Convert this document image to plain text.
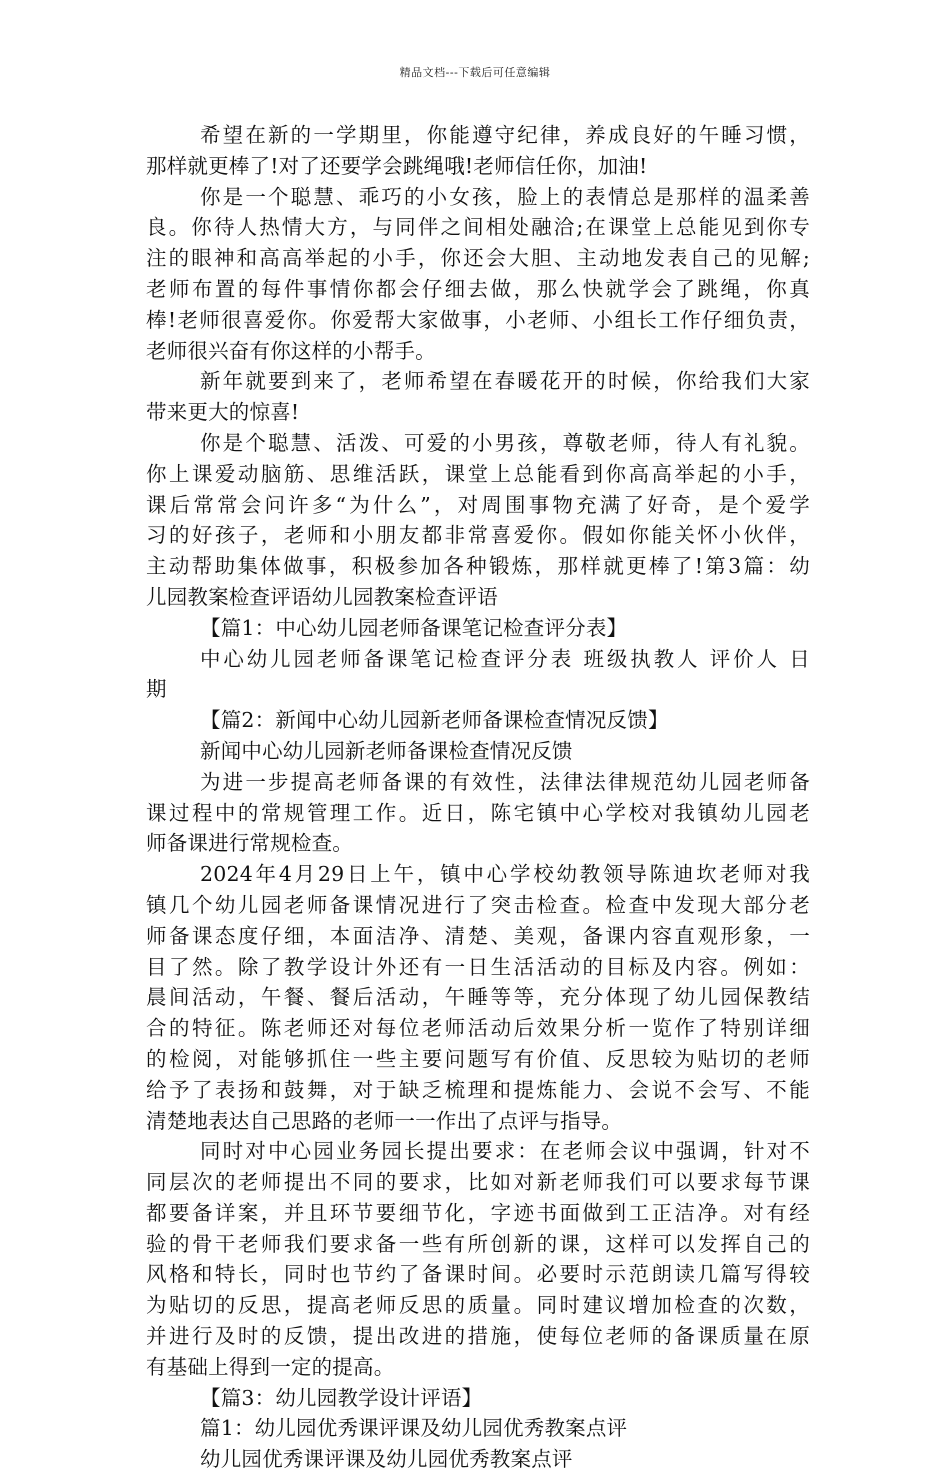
精品文档---下载后可任意编辑
希望在新的一学期里，你能遵守纪律，养成良好的午睡习惯，
那样就更棒了!对了还要学会跳绳哦!老师信任你，加油!
你是一个聪慧、乖巧的小女孩，脸上的表情总是那样的温柔善
良。你待人热情大方，与同伴之间相处融洽;在课堂上总能见到你专
注的眼神和高高举起的小手，你还会大胆、主动地发表自己的见解;
老师布置的每件事情你都会仔细去做，那么快就学会了跳绳，你真
棒!老师很喜爱你。你爱帮大家做事，小老师、小组长工作仔细负责，
老师很兴奋有你这样的小帮手。
新年就要到来了，老师希望在春暖花开的时候，你给我们大家
带来更大的惊喜!
你是个聪慧、活泼、可爱的小男孩，尊敬老师，待人有礼貌。
你上课爱动脑筋、思维活跃，课堂上总能看到你高高举起的小手，
课后常常会问许多“为什么”，对周围事物充满了好奇，是个爱学
习的好孩子，老师和小朋友都非常喜爱你。假如你能关怀小伙伴，
主动帮助集体做事，积极参加各种锻炼，那样就更棒了!第3篇：幼
儿园教案检查评语幼儿园教案检查评语
【篇1：中心幼儿园老师备课笔记检查评分表】
中心幼儿园老师备课笔记检查评分表 班级执教人 评价人 日
期
【篇2：新闻中心幼儿园新老师备课检查情况反馈】
新闻中心幼儿园新老师备课检查情况反馈
为进一步提高老师备课的有效性，法律法律规范幼儿园老师备
课过程中的常规管理工作。近日，陈宅镇中心学校对我镇幼儿园老
师备课进行常规检查。
2024年4月29日上午，镇中心学校幼教领导陈迪坎老师对我
镇几个幼儿园老师备课情况进行了突击检查。检查中发现大部分老
师备课态度仔细，本面洁净、清楚、美观，备课内容直观形象，一
目了然。除了教学设计外还有一日生活活动的目标及内容。例如：
晨间活动，午餐、餐后活动，午睡等等，充分体现了幼儿园保教结
合的特征。陈老师还对每位老师活动后效果分析一览作了特别详细
的检阅，对能够抓住一些主要问题写有价值、反思较为贴切的老师
给予了表扬和鼓舞，对于缺乏梳理和提炼能力、会说不会写、不能
清楚地表达自己思路的老师一一作出了点评与指导。
同时对中心园业务园长提出要求：在老师会议中强调，针对不
同层次的老师提出不同的要求，比如对新老师我们可以要求每节课
都要备详案，并且环节要细节化，字迹书面做到工正洁净。对有经
验的骨干老师我们要求备一些有所创新的课，这样可以发挥自己的
风格和特长，同时也节约了备课时间。必要时示范朗读几篇写得较
为贴切的反思，提高老师反思的质量。同时建议增加检查的次数，
并进行及时的反馈，提出改进的措施，使每位老师的备课质量在原
有基础上得到一定的提高。
【篇3：幼儿园教学设计评语】
篇1：幼儿园优秀课评课及幼儿园优秀教案点评
幼儿园优秀课评课及幼儿园优秀教案点评
